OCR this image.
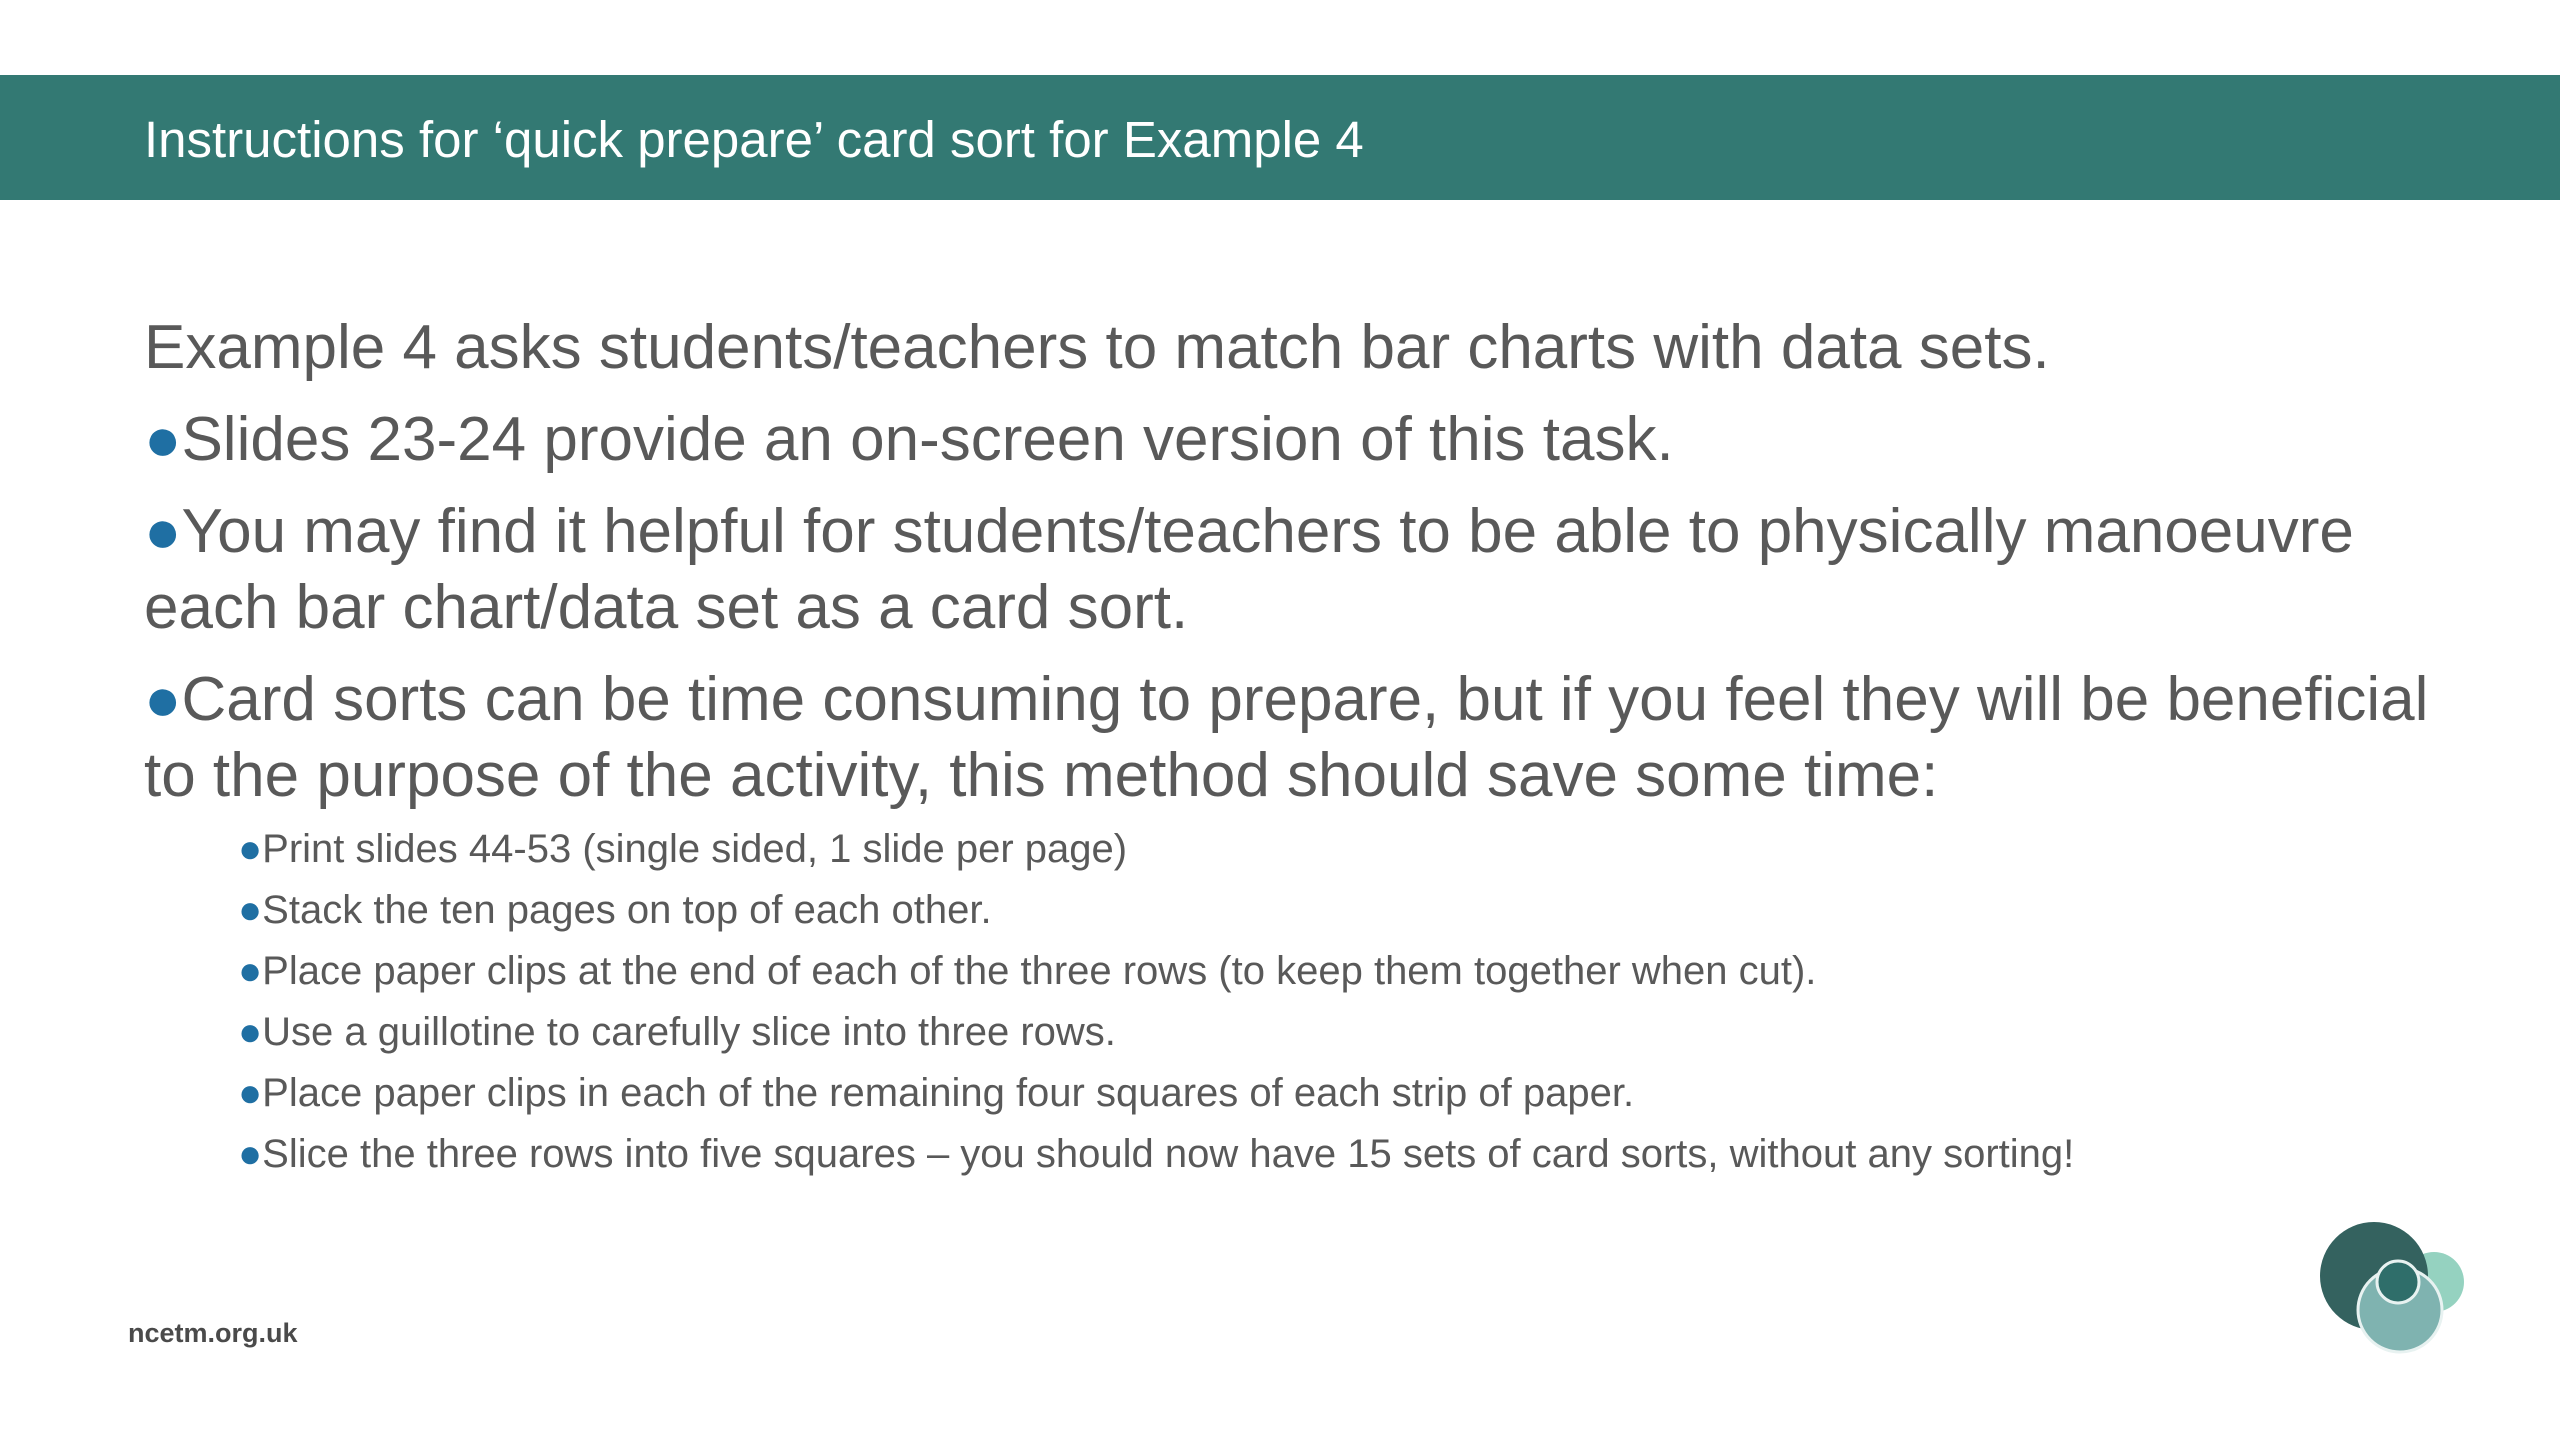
Instructions for ‘quick prepare’ card sort for Example 4
Example 4 asks students/teachers to match bar charts with data sets.
●Slides 23-24 provide an on-screen version of this task.
●You may find it helpful for students/teachers to be able to physically manoeuvre each bar chart/data set as a card sort.
●Card sorts can be time consuming to prepare, but if you feel they will be beneficial to the purpose of the activity, this method should save some time:
●Print slides 44-53 (single sided, 1 slide per page)
●Stack the ten pages on top of each other.
●Place paper clips at the end of each of the three rows (to keep them together when cut).
●Use a guillotine to carefully slice into three rows.
●Place paper clips in each of the remaining four squares of each strip of paper.
●Slice the three rows into five squares – you should now have 15 sets of card sorts, without any sorting!
ncetm.org.uk
